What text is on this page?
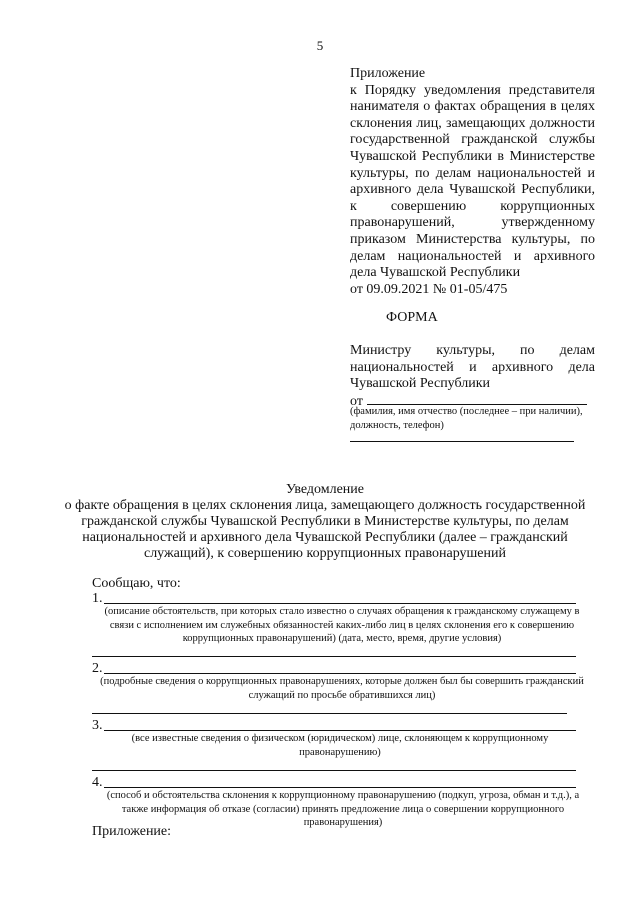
5
Приложение
к Порядку уведомления представителя нанимателя о фактах обращения в целях склонения лиц, замещающих должности государственной гражданской службы Чувашской Республики в Министерстве культуры, по делам национальностей и архивного дела Чувашской Республики, к совершению коррупционных правонарушений, утвержденному приказом Министерства культуры, по делам национальностей и архивного дела Чувашской Республики
от 09.09.2021 № 01-05/475
ФОРМА
Министру культуры, по делам национальностей и архивного дела Чувашской Республики
от
(фамилия, имя отчество (последнее – при наличии), должность, телефон)
Уведомление
о факте обращения в целях склонения лица, замещающего должность государственной гражданской службы Чувашской Республики в Министерстве культуры, по делам национальностей и архивного дела Чувашской Республики (далее – гражданский служащий), к совершению коррупционных правонарушений
Сообщаю, что:
1.
(описание обстоятельств, при которых стало известно о случаях обращения к гражданскому служащему в связи с исполнением им служебных обязанностей каких-либо лиц в целях склонения его к совершению коррупционных правонарушений) (дата, место, время, другие условия)
2.
(подробные сведения о коррупционных правонарушениях, которые должен был бы совершить гражданский служащий по просьбе обратившихся лиц)
3.
(все известные сведения о физическом (юридическом) лице, склоняющем к коррупционному правонарушению)
4.
(способ и обстоятельства склонения к коррупционному правонарушению (подкуп, угроза, обман и т.д.), а также информация об отказе (согласии) принять предложение лица о совершении коррупционного правонарушения)
Приложение:
